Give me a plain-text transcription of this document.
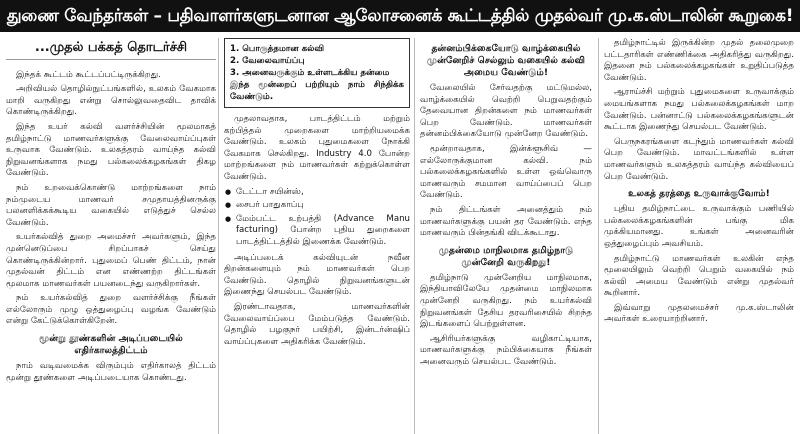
துணை வேந்தர்கள் – பதிவாளர்களுடனான ஆலோசனைக் கூட்டத்தில் முதல்வர் மு.க.ஸ்டாலின் கூறுகை!
...முதல் பக்கத் தொடர்ச்சி

இந்தக் கூட்டம் கூட்டப்பட்டிருக்கிறது.

அறிவியல் தொழில்நுட்பங்களில், உலகம் வேகமாக மாறி வருகிறது என்று சொல்லுவதைவிட தாவிக் கொண்டிருக்கிறது.

இந்த உயர் கல்வி வளர்ச்சியின் மூலமாகத் தமிழ்நாட்டு மாணவர்களுக்கு வேலைவாய்ப்புகள் உருவாக வேண்டும். உலகத்தரம் வாய்ந்த கல்வி நிறுவனங்களாக நமது பல்கலைக்கழகங்கள் திகழ வேண்டும்.

நம் உறவைக்கொண்டு மாற்றங்களை நாம் நம்முடைய மாணவர் சமுதாயத்தினருக்கு பலனளிக்கக்கூடிய வகையில் எடுத்துச் செல்ல வேண்டும்.

உயர்கல்வித் துறை அமைச்சர் அவர்களும், இந்த முன்னெடுப்பை சிறப்பாகச் செய்து கொண்டிருக்கின்றார். புதுமைப் பெண் திட்டம், நான் முதல்வன் திட்டம் என எண்ணற்ற திட்டங்கள் மூலமாக மாணவர்கள் பயனடைந்து வருகிறார்கள்.

நம் உயர்கல்வித் துறை வளர்ச்சிக்கு நீங்கள் எல்லோரும் முழு ஒத்துழைப்பு வழங்க வேண்டும் என்று கேட்டுக்கொள்கிறேன்.

மூன்று தூண்களின் அடிப்படையில் எதிர்காலத்திட்டம்

நாம் வடிவமைக்க விரும்பும் எதிர்காலத் திட்டம் மூன்று தூண்களை அடிப்படையாக கொண்டது.

1. பொருத்தமான கல்வி
2. வேலைவாய்ப்பு
3. அனைவருக்கும் உள்ளடக்கிய தன்மை
இந்த மூன்றைப் பற்றியும் நாம் சிந்திக்க வேண்டும்.

முதலாவதாக, பாடத்திட்டம் மற்றும் கற்பித்தல் முறைகளை மாற்றியமைக்க வேண்டும். உலகம் புதுமைகளை நோக்கி வேகமாக செல்கிறது. Industry 4.0 போன்ற மாற்றங்களை நம் மாணவர்கள் கற்றுக்கொள்ள வேண்டும்.

● டேட்டா சயின்ஸ்,
● சைபர் பாதுகாப்பு
● மேம்பட்ட உற்பத்தி (Advance Manu facturing) போன்ற புதிய துறைகளை பாடத்திட்டத்தில் இணைக்க வேண்டும்.

அடிப்படைக் கல்வியுடன் நவீன திறன்களையும் நம் மாணவர்கள் பெற வேண்டும். தொழில் நிறுவனங்களுடன் இணைந்து செயல்பட வேண்டும்.

இரண்டாவதாக, மாணவர்களின் வேலைவாய்ப்பை மேம்படுத்த வேண்டும். தொழில் பழகுநர் பயிற்சி, இன்டர்ன்ஷிப் வாய்ப்புகளை அதிகரிக்க வேண்டும்.

தன்னம்பிக்கையோடு வாழ்க்கையில் முன்னேறிச் செல்லும் வகையில் கல்வி அமைய வேண்டும்!

வேலையில் சேர்வதற்கு மட்டுமல்ல, வாழ்க்கையில் வெற்றி பெறுவதற்கும் தேவையான திறன்களை நம் மாணவர்கள் பெற வேண்டும். மாணவர்கள் தன்னம்பிக்கையோடு முன்னேற வேண்டும்.

மூன்றாவதாக, இன்க்ளூசிவ் — எல்லோருக்குமான கல்வி. நம் பல்கலைக்கழகங்களில் உள்ள ஒவ்வொரு மாணவரும் சமமான வாய்ப்பைப் பெற வேண்டும்.

நம் திட்டங்கள் அனைத்தும் நம் மாணவர்களுக்கு பயன் தர வேண்டும். எந்த மாணவரும் பின்தங்கி விடக்கூடாது.

முதன்மை மாநிலமாக தமிழ்நாடு முன்னேறி வருகிறது!

தமிழ்நாடு முன்னேறிய மாநிலமாக, இந்தியாவிலேயே முதன்மை மாநிலமாக முன்னேறி வருகிறது. நம் உயர்கல்வி நிறுவனங்கள் தேசிய தரவரிசையில் சிறந்த இடங்களைப் பெற்றுள்ளன.

ஆசிரியர்களுக்கு வழிகாட்டியாக, மாணவர்களுக்கு நம்பிக்கையாக நீங்கள் அனைவரும் செயல்பட வேண்டும்.

தமிழ்நாட்டில் இருக்கின்ற முதல் தலைமுறை பட்டதாரிகள் எண்ணிக்கை அதிகரித்து வருகிறது. இதனை நம் பல்கலைக்கழகங்கள் உறுதிப்படுத்த வேண்டும்.

ஆராய்ச்சி மற்றும் புதுமைகளை உருவாக்கும் மையங்களாக நமது பல்கலைக்கழகங்கள் மாற வேண்டும். பன்னாட்டு பல்கலைக்கழகங்களுடன் கூட்டாக இணைந்து செயல்பட வேண்டும்.

பெருநகரங்களை கடந்தும் மாணவர்கள் கல்வி பெற வேண்டும். மாவட்டங்களில் உள்ள மாணவர்களும் உலகத்தரம் வாய்ந்த கல்வியைப் பெற வேண்டும்.

உலகத் தரத்தை உருவாக்குவோம்!

புதிய தமிழ்நாட்டை உருவாக்கும் பணியில் பல்கலைக்கழகங்களின் பங்கு மிக முக்கியமானது. உங்கள் அனைவரின் ஒத்துழைப்பும் அவசியம்.

தமிழ்நாட்டு மாணவர்கள் உலகின் எந்த மூலையிலும் வெற்றி பெறும் வகையில் நம் கல்வி அமைய வேண்டும் என்று முதல்வர் கூறினார்.

இவ்வாறு முதலமைச்சர் மு.க.ஸ்டாலின் அவர்கள் உரையாற்றினார்.
